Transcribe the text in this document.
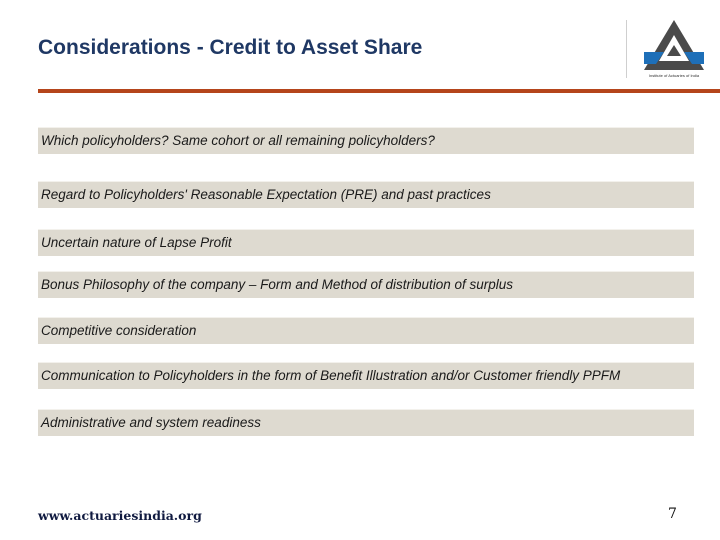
Considerations - Credit to Asset Share
Institute of Actuaries of India
Which policyholders? Same cohort or all remaining policyholders?
Regard to Policyholders' Reasonable Expectation (PRE) and past practices
Uncertain nature of Lapse Profit
Bonus Philosophy of the company – Form and Method of distribution of surplus
Competitive consideration
Communication to Policyholders in the form of Benefit Illustration and/or Customer friendly PPFM
Administrative and system readiness
www.actuariesindia.org	7
